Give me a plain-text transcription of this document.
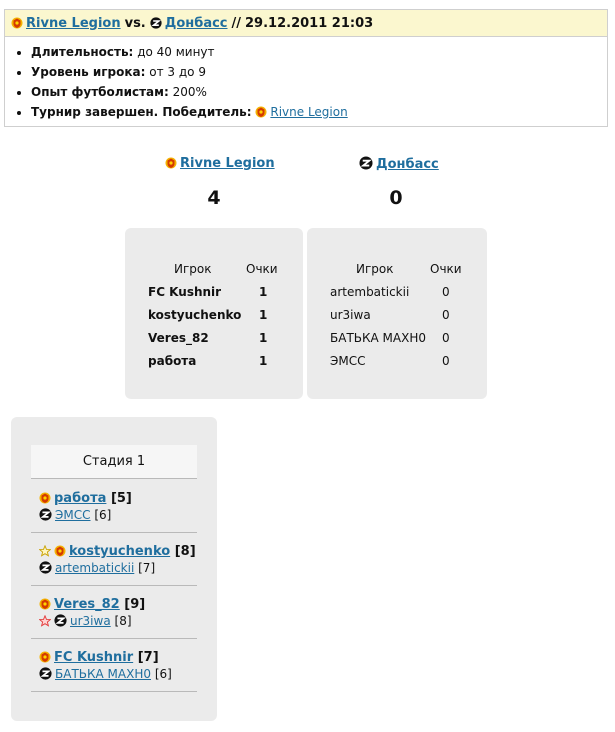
Rivne Legion vs. Донбасс // 29.12.2011 21:03
• Длительность: до 40 минут
• Уровень игрока: от 3 до 9
• Опыт футболистам: 200%
• Турнир завершен. Победитель: Rivne Legion
Rivne Legion	Донбасс
4	0
Игрок	Очки
FC Kushnir	1
kostyuchenko 1
Veres_82	1
работа	1
Игрок	Очки
artembatickii	0
ur3iwa	0
БАТЬКА МАХН0 0
ЭМСС	0
Стадия 1
работа [5]
ЭМСС [6]
kostyuchenko [8]
artembatickii [7]
Veres_82 [9]
ur3iwa [8]
FC Kushnir [7]
БАТЬКА МАХН0 [6]
